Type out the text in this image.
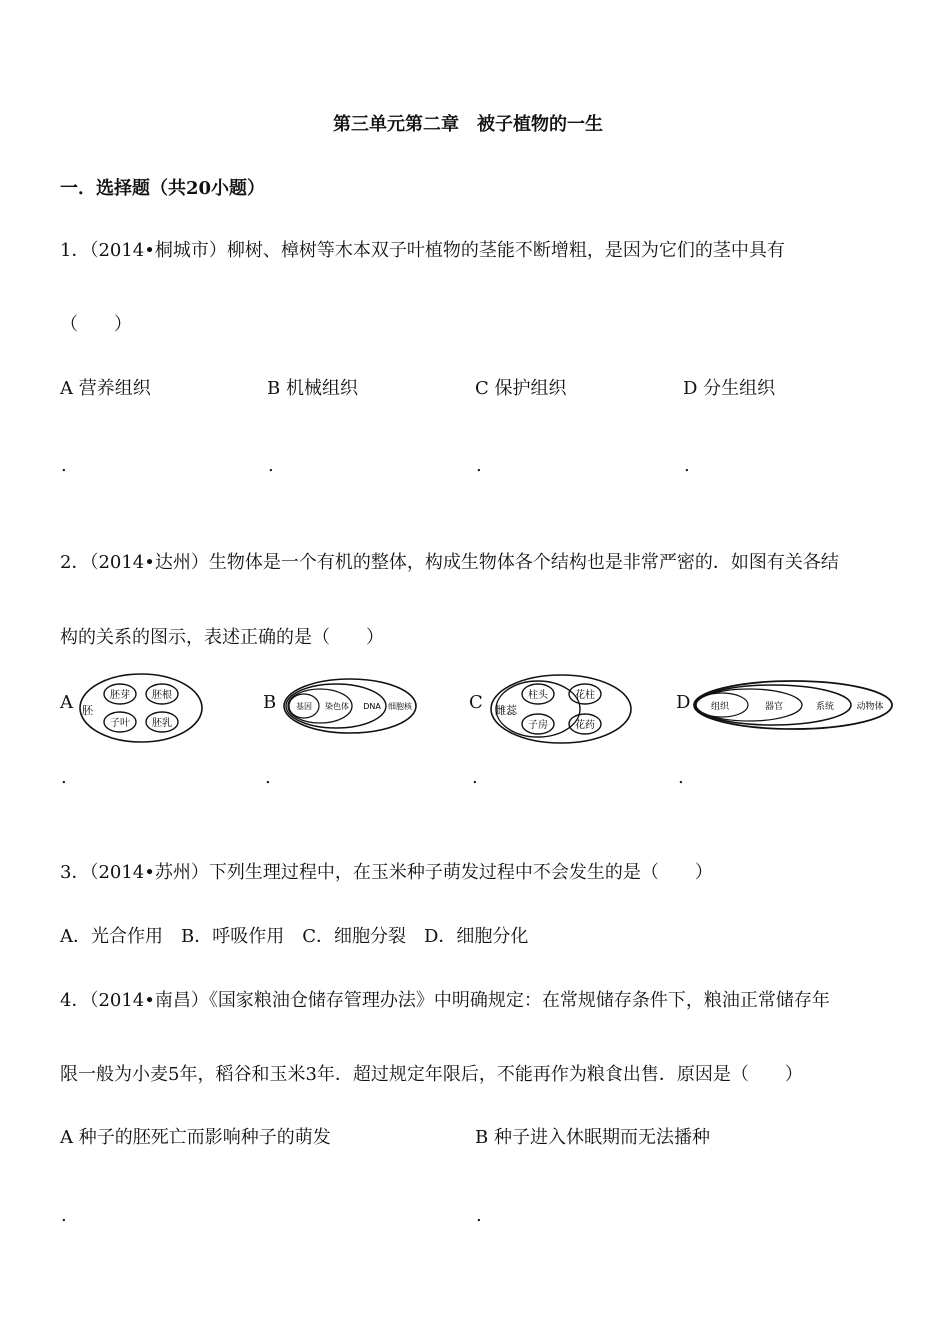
第三单元第二章　被子植物的一生
一．选择题（共20小题）
1．（2014•桐城市）柳树、樟树等木本双子叶植物的茎能不断增粗，是因为它们的茎中具有
（　　）
A 营养组织	B 机械组织	C 保护组织	D 分生组织
.	.	.	.
2．（2014•达州）生物体是一个有机的整体，构成生物体各个结构也是非常严密的．如图有关各结
构的关系的图示，表述正确的是（　　）
A	B	C	D
胚
胚芽 胚根
子叶 胚乳
基因 染色体 DNA 细胞核	雌蕊
柱头	花柱
子房	花药
组织	器官	系统 动物体
.	.	.	.
3．（2014•苏州）下列生理过程中，在玉米种子萌发过程中不会发生的是（　　）
A．光合作用　B．呼吸作用　C．细胞分裂　D．细胞分化
4．（2014•南昌）《国家粮油仓储存管理办法》中明确规定：在常规储存条件下，粮油正常储存年
限一般为小麦5年，稻谷和玉米3年．超过规定年限后，不能再作为粮食出售．原因是（　　）
A 种子的胚死亡而影响种子的萌发	B 种子进入休眠期而无法播种
.	.
